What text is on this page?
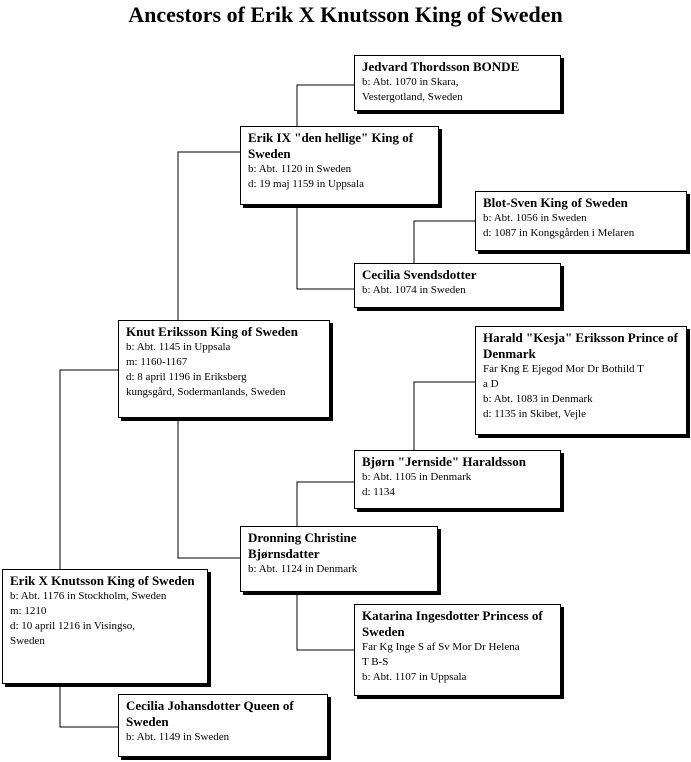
Ancestors of Erik X Knutsson King of Sweden
Erik X Knutsson King of Sweden
b: Abt. 1176 in Stockholm, Sweden
m: 1210
d: 10 april 1216 in Visingso,
Sweden
Knut Eriksson King of Sweden
b: Abt. 1145 in Uppsala
m: 1160-1167
d: 8 april 1196 in Eriksberg
kungsgård, Sodermanlands, Sweden
Cecilia Johansdotter Queen of Sweden
b: Abt. 1149 in Sweden
Erik IX "den hellige" King of Sweden
b: Abt. 1120 in Sweden
d: 19 maj 1159 in Uppsala
Dronning Christine Bjørnsdatter
b: Abt. 1124 in Denmark
Jedvard Thordsson BONDE
b: Abt. 1070 in Skara,
Vestergotland, Sweden
Cecilia Svendsdotter
b: Abt. 1074 in Sweden
Blot-Sven King of Sweden
b: Abt. 1056 in Sweden
d: 1087 in Kongsgården i Melaren
Bjørn "Jernside" Haraldsson
b: Abt. 1105 in Denmark
d: 1134
Harald "Kesja" Eriksson Prince of Denmark
Far Kng E Ejegod Mor Dr Bothild T
a D
b: Abt. 1083 in Denmark
d: 1135 in Skibet, Vejle
Katarina Ingesdotter Princess of Sweden
Far Kg Inge S af Sv Mor Dr Helena
T B-S
b: Abt. 1107 in Uppsala
